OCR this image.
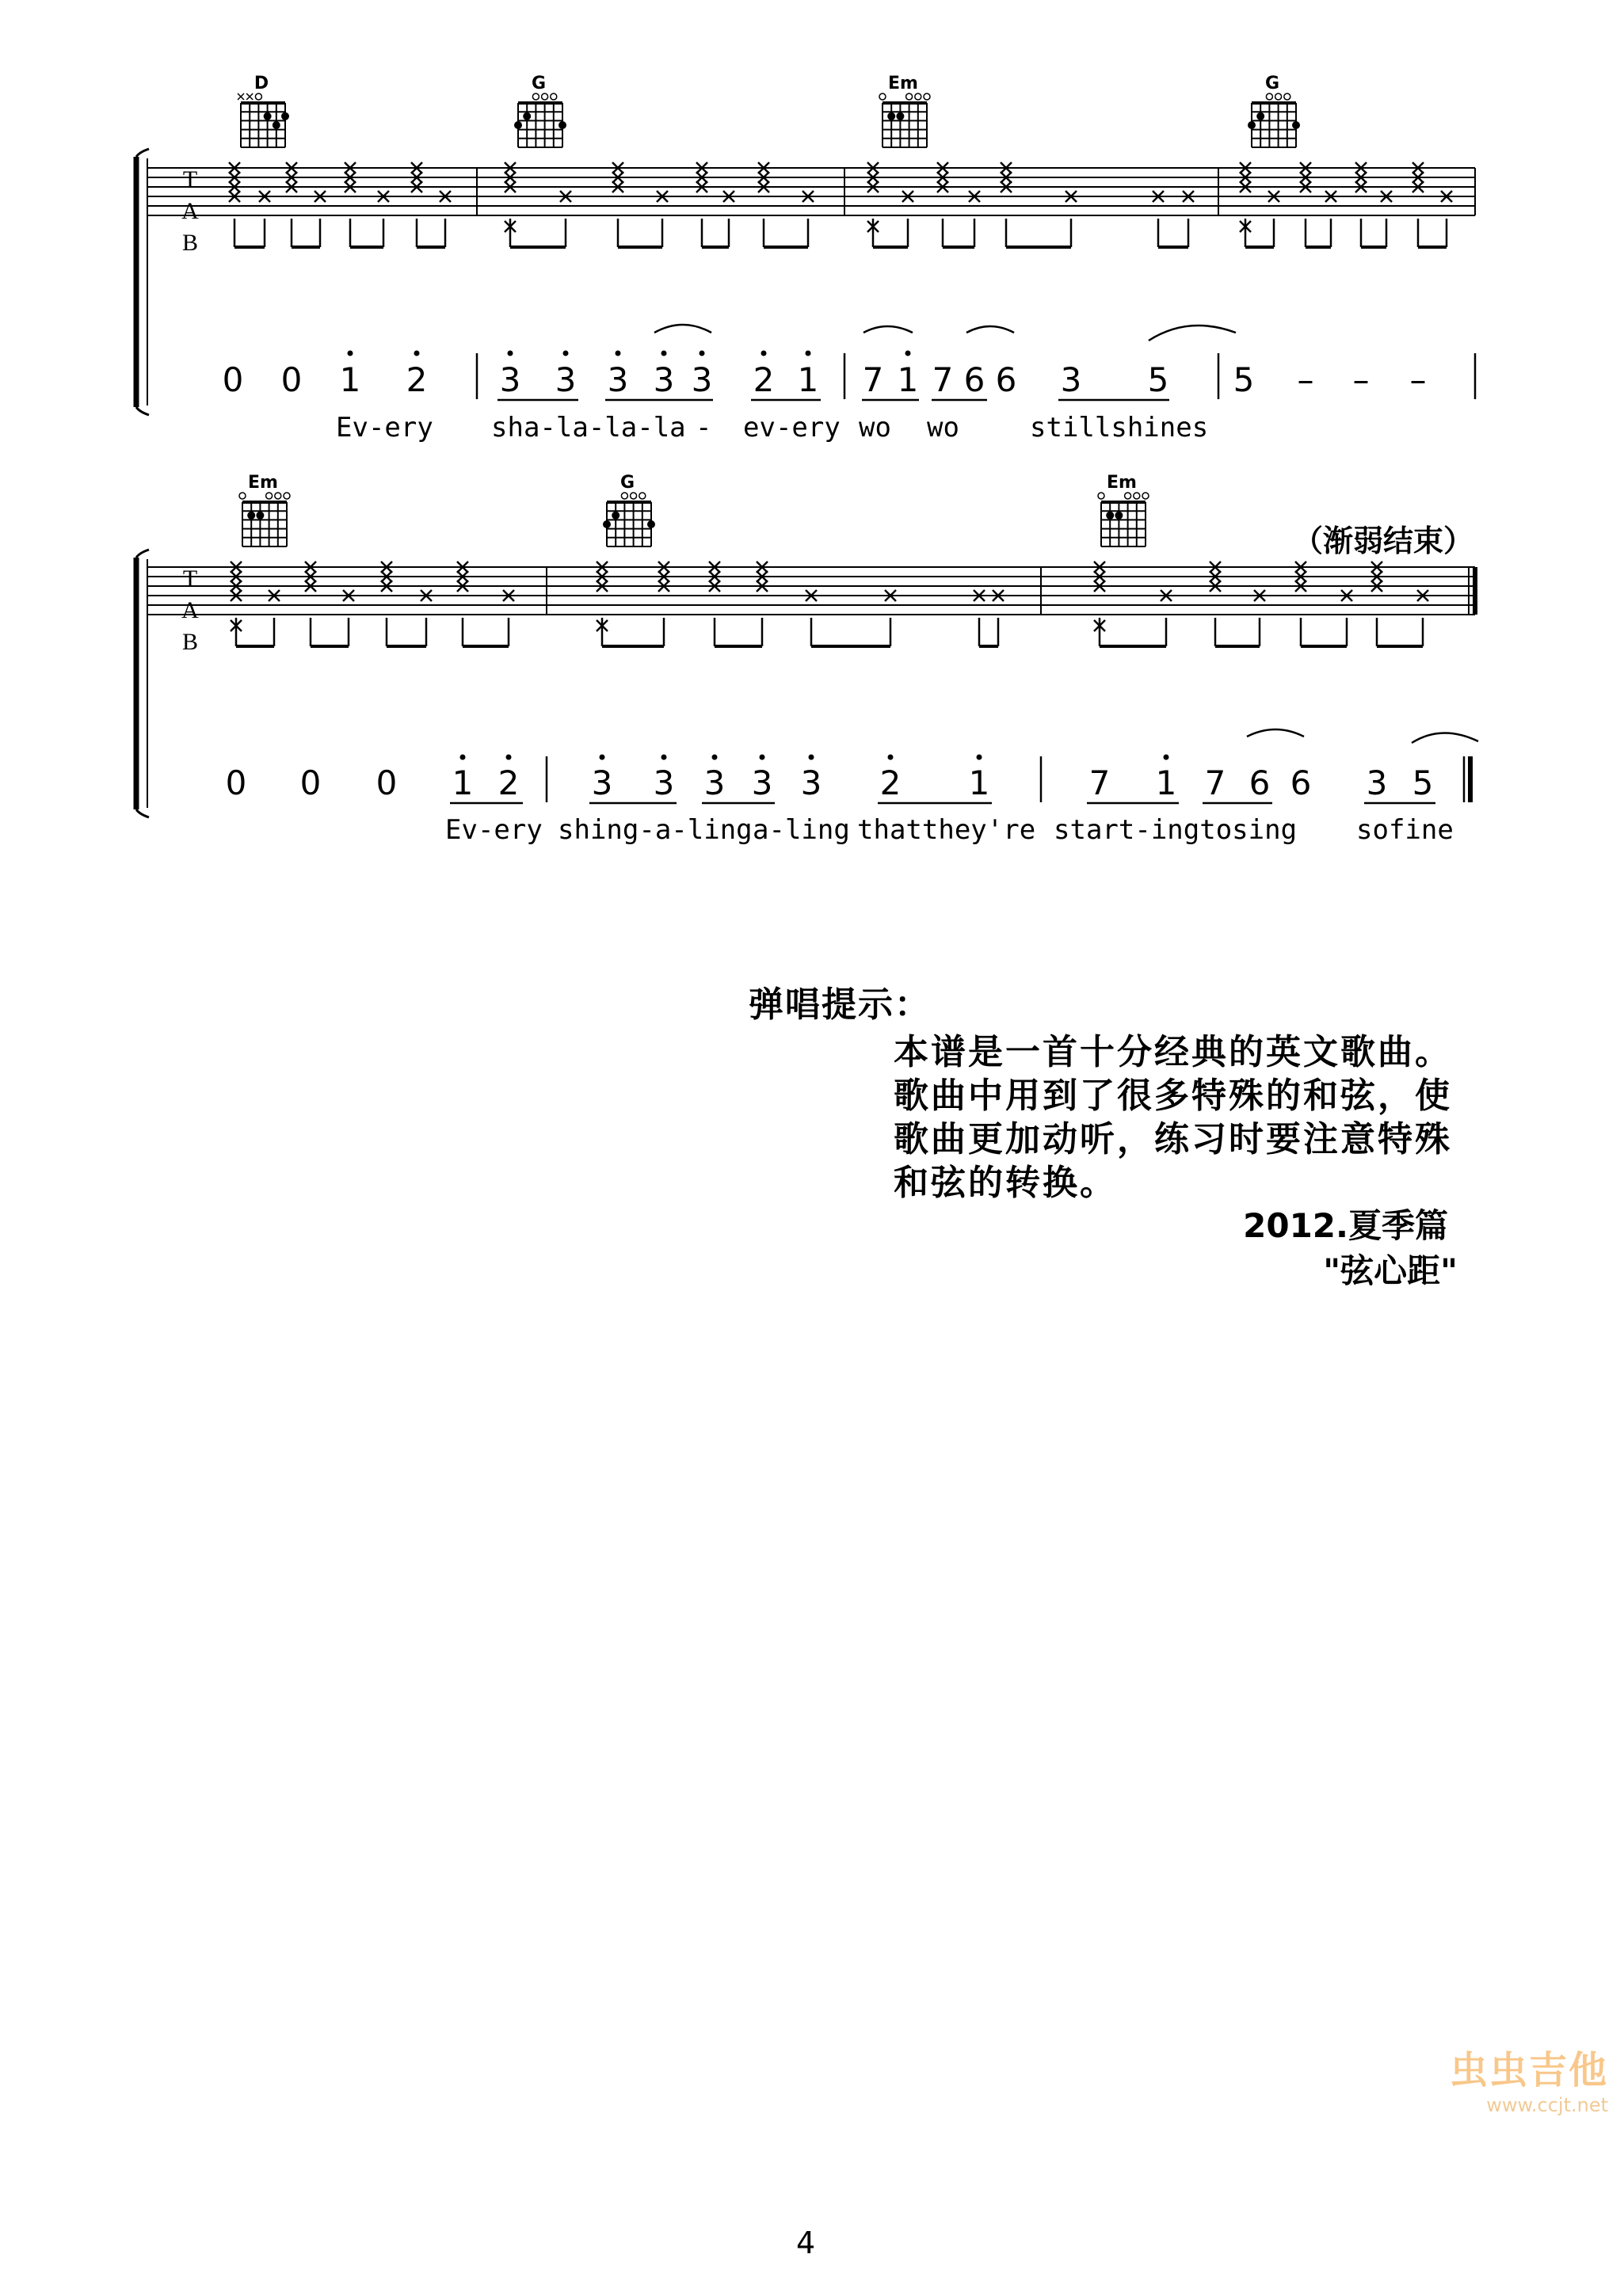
T
A
B
D	G	Em	G
0 0 1 2 3 3 3 3 3 2 1 7 1 7 6 6 3 5 5 – – –
Ev-ery sha-la-la-la - ev-ery wo wo	stillshines
T
A
B
Em	G	Em
（渐弱结束）
0 0 0 1 2 3 3 3 3 3 2 1	7 1 7 6 6 3 5
Ev-ery shing-a-ling a-ling thatthey're start-ingtosing sofine
弹唱提示：
本谱是一首十分经典的英文歌曲。
歌曲中用到了很多特殊的和弦，使
歌曲更加动听，练习时要注意特殊
和弦的转换。
2012.夏季篇
"弦心距"
虫虫吉他
www.ccjt.net
4
